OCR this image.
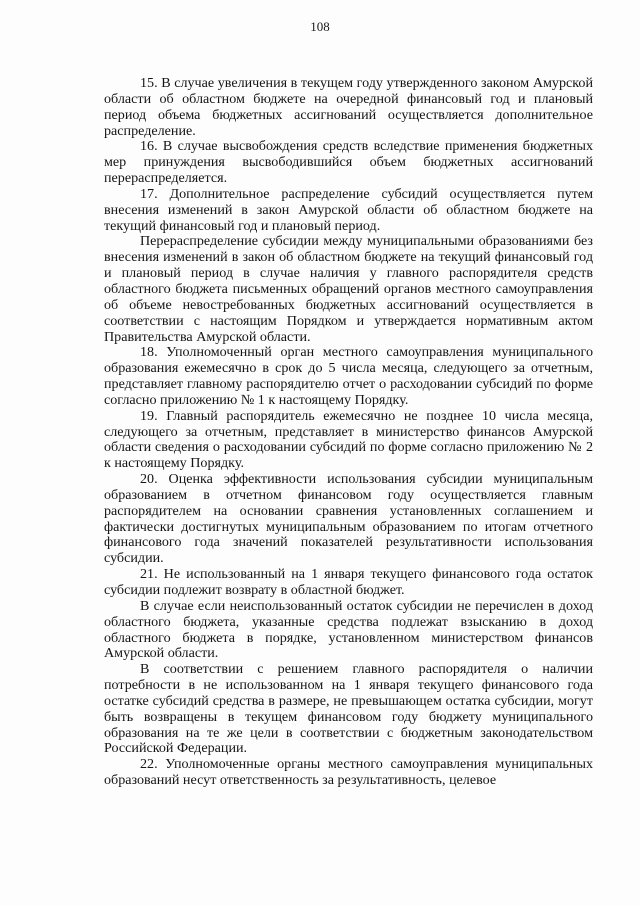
108

15. В случае увеличения в текущем году утвержденного законом Амурской области об областном бюджете на очередной финансовый год и плановый период объема бюджетных ассигнований осуществляется дополнительное распределение.

16. В случае высвобождения средств вследствие применения бюджетных мер принуждения высвободившийся объем бюджетных ассигнований перераспределяется.

17. Дополнительное распределение субсидий осуществляется путем внесения изменений в закон Амурской области об областном бюджете на текущий финансовый год и плановый период.

Перераспределение субсидии между муниципальными образованиями без внесения изменений в закон об областном бюджете на текущий финансовый год и плановый период в случае наличия у главного распорядителя средств областного бюджета письменных обращений органов местного самоуправления об объеме невостребованных бюджетных ассигнований осуществляется в соответствии с настоящим Порядком и утверждается нормативным актом Правительства Амурской области.

18. Уполномоченный орган местного самоуправления муниципального образования ежемесячно в срок до 5 числа месяца, следующего за отчетным, представляет главному распорядителю отчет о расходовании субсидий по форме согласно приложению № 1 к настоящему Порядку.

19. Главный распорядитель ежемесячно не позднее 10 числа месяца, следующего за отчетным, представляет в министерство финансов Амурской области сведения о расходовании субсидий по форме согласно приложению № 2 к настоящему Порядку.

20. Оценка эффективности использования субсидии муниципальным образованием в отчетном финансовом году осуществляется главным распорядителем на основании сравнения установленных соглашением и фактически достигнутых муниципальным образованием по итогам отчетного финансового года значений показателей результативности использования субсидии.

21. Не использованный на 1 января текущего финансового года остаток субсидии подлежит возврату в областной бюджет.

В случае если неиспользованный остаток субсидии не перечислен в доход областного бюджета, указанные средства подлежат взысканию в доход областного бюджета в порядке, установленном министерством финансов Амурской области.

В соответствии с решением главного распорядителя о наличии потребности в не использованном на 1 января текущего финансового года остатке субсидий средства в размере, не превышающем остатка субсидии, могут быть возвращены в текущем финансовом году бюджету муниципального образования на те же цели в соответствии с бюджетным законодательством Российской Федерации.

22. Уполномоченные органы местного самоуправления муниципальных образований несут ответственность за результативность, целевое
